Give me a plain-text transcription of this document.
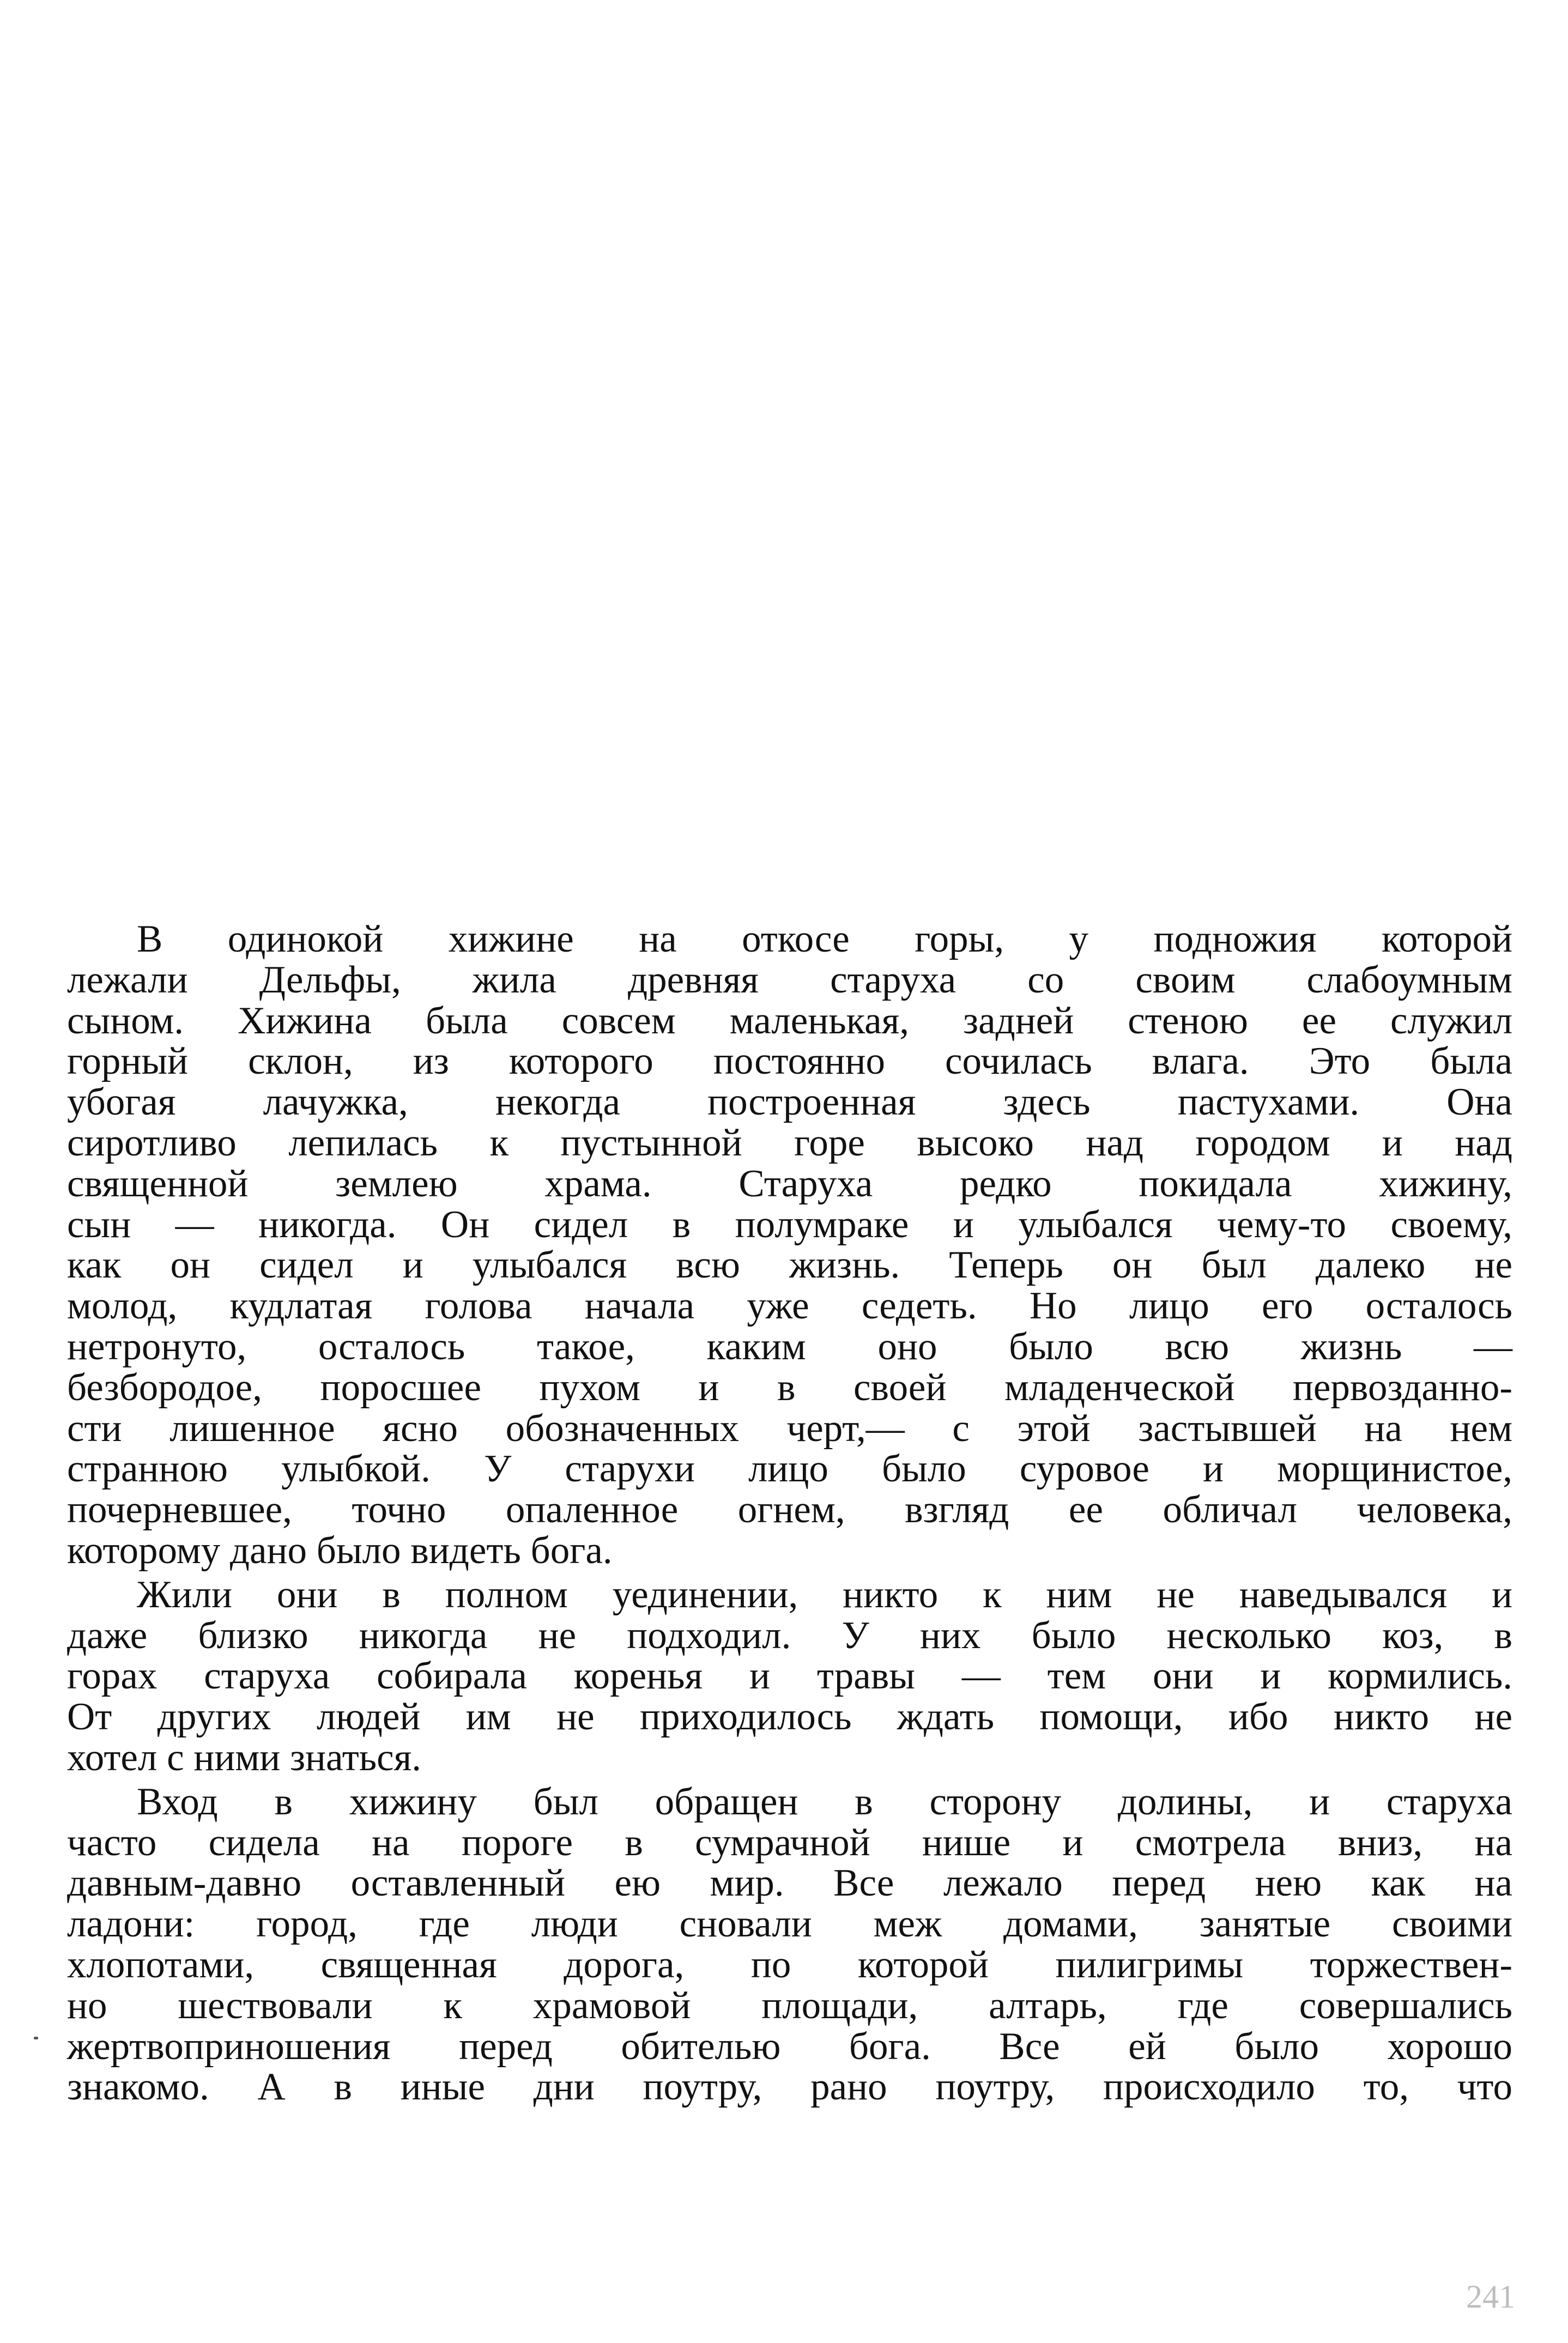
В одинокой хижине на откосе горы, у подножия которой
лежали Дельфы, жила древняя старуха со своим слабоумным
сыном. Хижина была совсем маленькая, задней стеною ее служил
горный склон, из которого постоянно сочилась влага. Это была
убогая лачужка, некогда построенная здесь пастухами. Она
сиротливо лепилась к пустынной горе высоко над городом и над
священной землею храма. Старуха редко покидала хижину,
сын — никогда. Он сидел в полумраке и улыбался чему-то своему,
как он сидел и улыбался всю жизнь. Теперь он был далеко не
молод, кудлатая голова начала уже седеть. Но лицо его осталось
нетронуто, осталось такое, каким оно было всю жизнь —
безбородое, поросшее пухом и в своей младенческой первозданно-
сти лишенное ясно обозначенных черт,— с этой застывшей на нем
странною улыбкой. У старухи лицо было суровое и морщинистое,
почерневшее, точно опаленное огнем, взгляд ее обличал человека,
которому дано было видеть бога.
Жили они в полном уединении, никто к ним не наведывался и
даже близко никогда не подходил. У них было несколько коз, в
горах старуха собирала коренья и травы — тем они и кормились.
От других людей им не приходилось ждать помощи, ибо никто не
хотел с ними знаться.
Вход в хижину был обращен в сторону долины, и старуха
часто сидела на пороге в сумрачной нише и смотрела вниз, на
давным-давно оставленный ею мир. Все лежало перед нею как на
ладони: город, где люди сновали меж домами, занятые своими
хлопотами, священная дорога, по которой пилигримы торжествен-
но шествовали к храмовой площади, алтарь, где совершались
жертвоприношения перед обителью бога. Все ей было хорошо
знакомо. А в иные дни поутру, рано поутру, происходило то, что
241
